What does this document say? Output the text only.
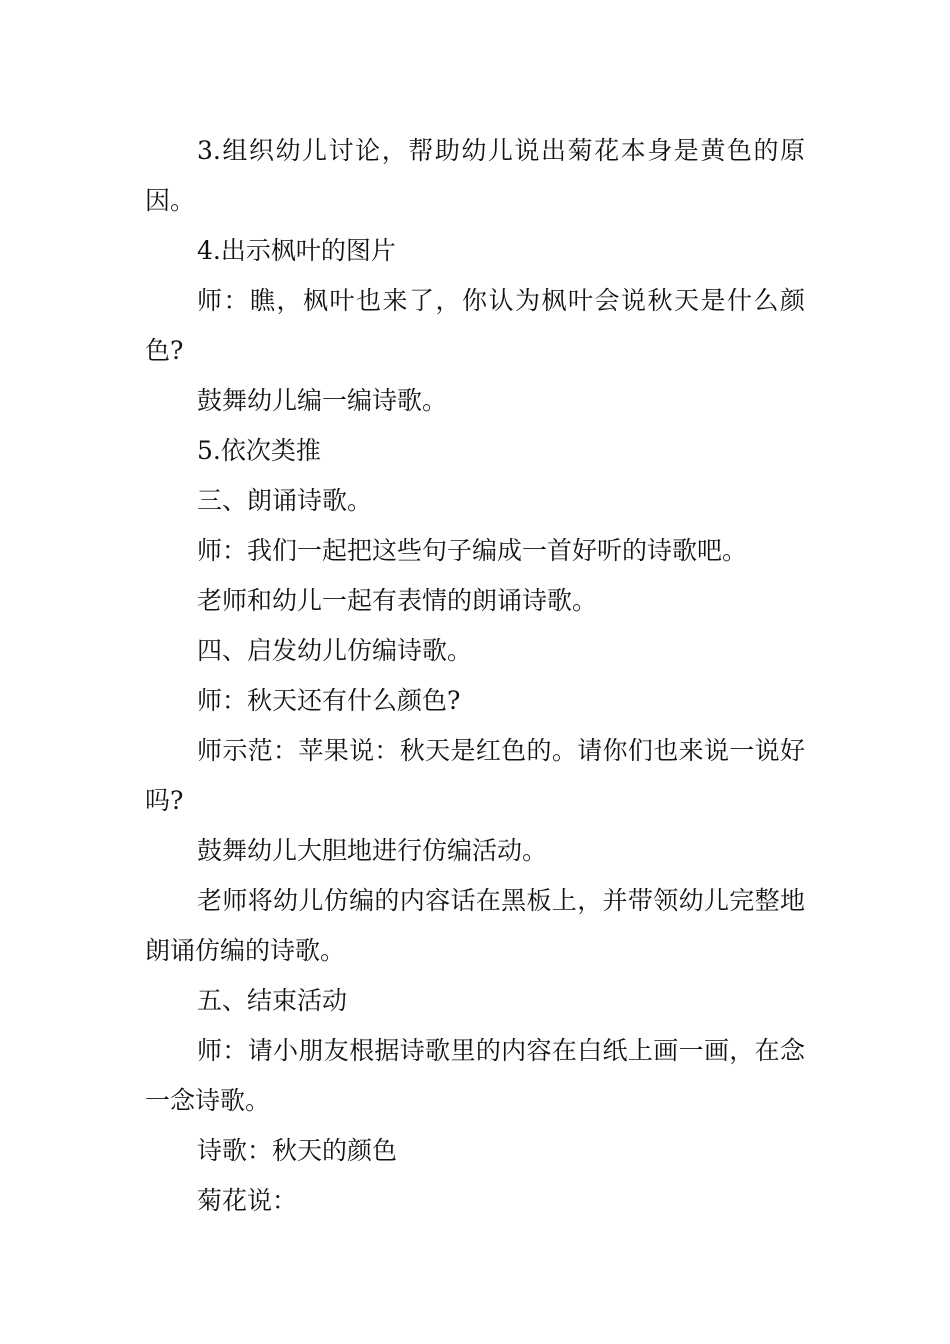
3.组织幼儿讨论，帮助幼儿说出菊花本身是黄色的原因。

4.出示枫叶的图片

师：瞧，枫叶也来了，你认为枫叶会说秋天是什么颜色?

鼓舞幼儿编一编诗歌。

5.依次类推

三、朗诵诗歌。

师：我们一起把这些句子编成一首好听的诗歌吧。

老师和幼儿一起有表情的朗诵诗歌。

四、启发幼儿仿编诗歌。

师：秋天还有什么颜色?

师示范：苹果说：秋天是红色的。请你们也来说一说好吗?

鼓舞幼儿大胆地进行仿编活动。

老师将幼儿仿编的内容话在黑板上，并带领幼儿完整地朗诵仿编的诗歌。

五、结束活动

师：请小朋友根据诗歌里的内容在白纸上画一画，在念一念诗歌。

诗歌：秋天的颜色

菊花说：
